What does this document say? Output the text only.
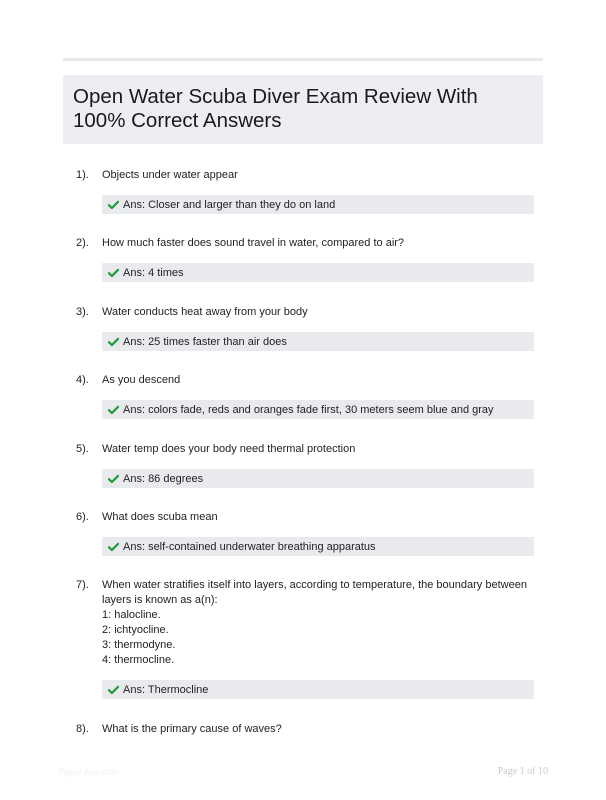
Open Water Scuba Diver Exam Review With 100% Correct Answers
1). Objects under water appear
Ans: Closer and larger than they do on land
2). How much faster does sound travel in water, compared to air?
Ans: 4 times
3). Water conducts heat away from your body
Ans: 25 times faster than air does
4). As you descend
Ans: colors fade, reds and oranges fade first, 30 meters seem blue and gray
5). Water temp does your body need thermal protection
Ans: 86 degrees
6). What does scuba mean
Ans: self-contained underwater breathing apparatus
7). When water stratifies itself into layers, according to temperature, the boundary between
layers is known as a(n):
1: halocline.
2: ichtyocline.
3: thermodyne.
4: thermocline.
Ans: Thermocline
8). What is the primary cause of waves?
Paper Ace.com	Page 1 of 10
